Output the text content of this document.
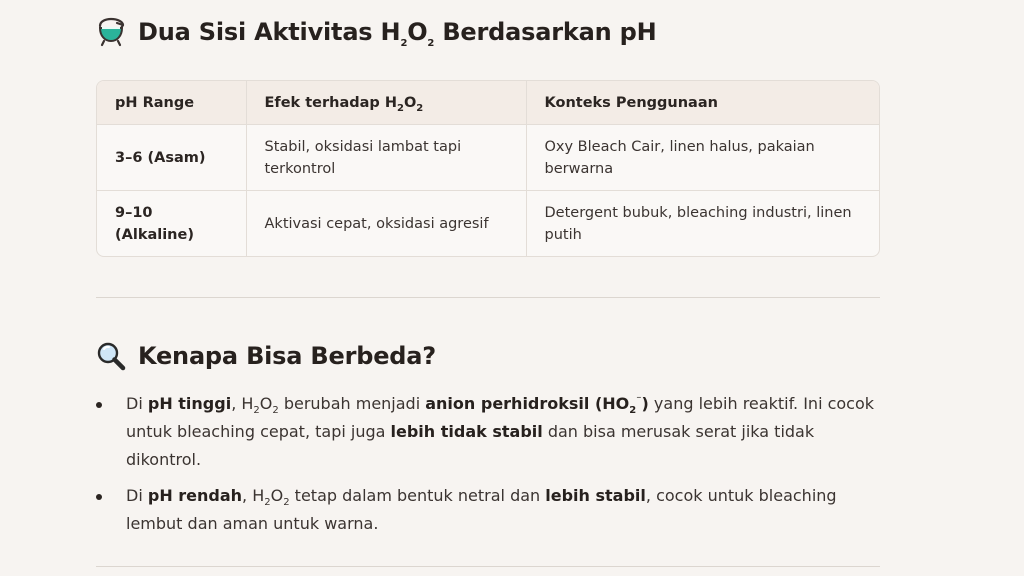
Dua Sisi Aktivitas $H_2O_2$ Berdasarkan pH
pH Range	Efek terhadap $H_2O_2$	Konteks Penggunaan
3–6 (Asam)	Stabil, oksidasi lambat tapi terkontrol	Oxy Bleach Cair, linen halus, pakaian berwarna
9–10 (Alkaline)	Aktivasi cepat, oksidasi agresif	Detergent bubuk, bleaching industri, linen putih
Kenapa Bisa Berbeda?
Di pH tinggi, $H_2O_2$ berubah menjadi anion perhidroksil $(HO_2^{^-})$ yang lebih reaktif. Ini cocok untuk bleaching cepat, tapi juga lebih tidak stabil dan bisa merusak serat jika tidak dikontrol.
Di pH rendah, $H_2O_2$ tetap dalam bentuk netral dan lebih stabil, cocok untuk bleaching lembut dan aman untuk warna.
